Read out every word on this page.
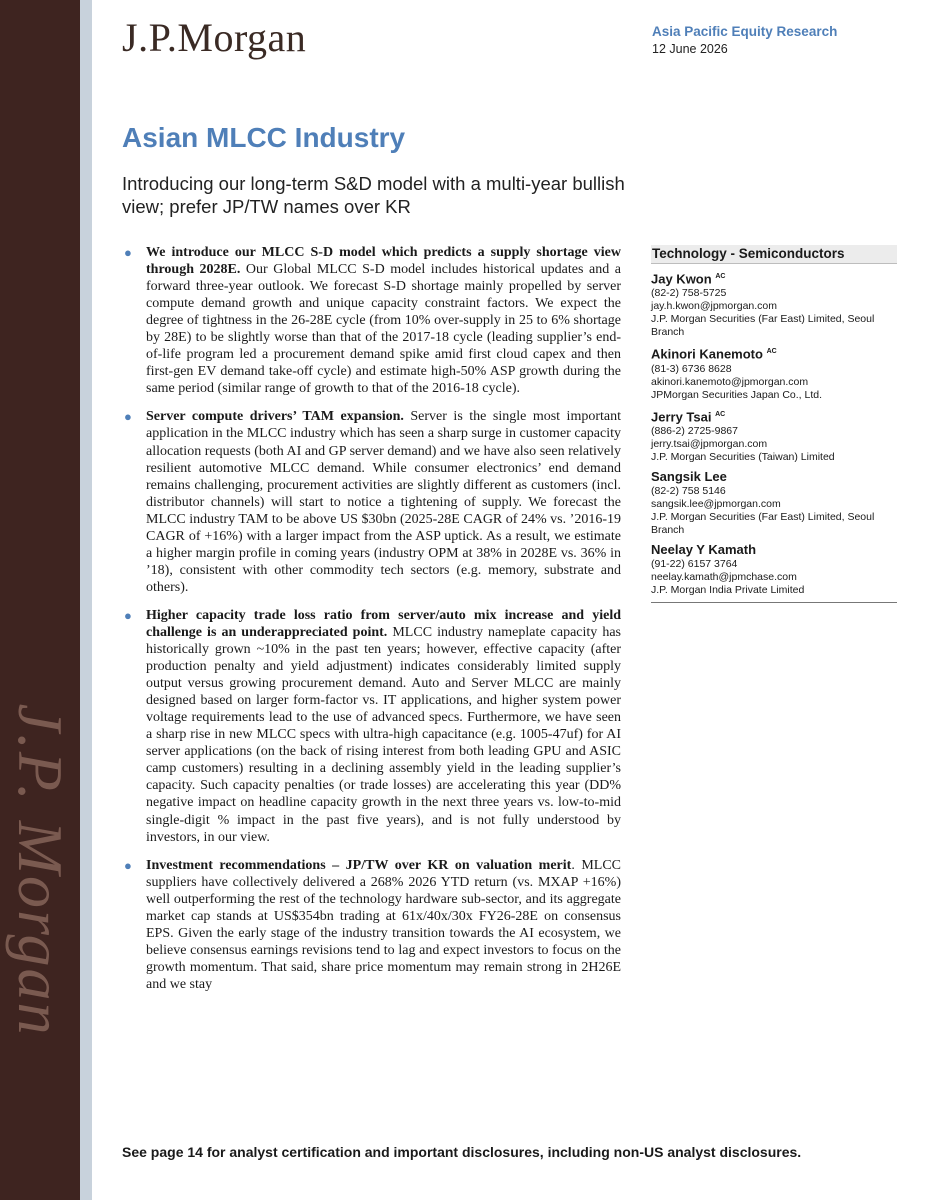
J.P. Morgan
J.P.Morgan	Asia Pacific Equity Research
12 June 2026
Asian MLCC Industry
Introducing our long-term S&D model with a multi-year bullish view; prefer JP/TW names over KR
● We introduce our MLCC S-D model which predicts a supply shortage view through 2028E. Our Global MLCC S-D model includes historical updates and a forward three-year outlook. We forecast S-D shortage mainly propelled by server compute demand growth and unique capacity constraint factors. We expect the degree of tightness in the 26-28E cycle (from 10% over-supply in 25 to 6% shortage by 28E) to be slightly worse than that of the 2017-18 cycle (leading supplier’s end-of-life program led a procurement demand spike amid first cloud capex and then first-gen EV demand take-off cycle) and estimate high-50% ASP growth during the same period (similar range of growth to that of the 2016-18 cycle).
● Server compute drivers’ TAM expansion. Server is the single most important application in the MLCC industry which has seen a sharp surge in customer capacity allocation requests (both AI and GP server demand) and we have also seen relatively resilient automotive MLCC demand. While consumer electronics’ end demand remains challenging, procurement activities are slightly different as customers (incl. distributor channels) will start to notice a tightening of supply. We forecast the MLCC industry TAM to be above US $30bn (2025-28E CAGR of 24% vs. ’2016-19 CAGR of +16%) with a larger impact from the ASP uptick. As a result, we estimate a higher margin profile in coming years (industry OPM at 38% in 2028E vs. 36% in ’18), consistent with other commodity tech sectors (e.g. memory, substrate and others).
● Higher capacity trade loss ratio from server/auto mix increase and yield challenge is an underappreciated point. MLCC industry nameplate capacity has historically grown ~10% in the past ten years; however, effective capacity (after production penalty and yield adjustment) indicates considerably limited supply output versus growing procurement demand. Auto and Server MLCC are mainly designed based on larger form-factor vs. IT applications, and higher system power voltage requirements lead to the use of advanced specs. Furthermore, we have seen a sharp rise in new MLCC specs with ultra-high capacitance (e.g. 1005-47uf) for AI server applications (on the back of rising interest from both leading GPU and ASIC camp customers) resulting in a declining assembly yield in the leading supplier’s capacity. Such capacity penalties (or trade losses) are accelerating this year (DD% negative impact on headline capacity growth in the next three years vs. low-to-mid single-digit % impact in the past five years), and is not fully understood by investors, in our view.
● Investment recommendations – JP/TW over KR on valuation merit. MLCC suppliers have collectively delivered a 268% 2026 YTD return (vs. MXAP +16%) well outperforming the rest of the technology hardware sub-sector, and its aggregate market cap stands at US$354bn trading at 61x/40x/30x FY26-28E on consensus EPS. Given the early stage of the industry transition towards the AI ecosystem, we believe consensus earnings revisions tend to lag and expect investors to focus on the growth momentum. That said, share price momentum may remain strong in 2H26E and we stay
Technology - Semiconductors
Jay Kwon $^{AC}$
(82-2) 758-5725
jay.h.kwon@jpmorgan.com
J.P. Morgan Securities (Far East) Limited, Seoul Branch
Akinori Kanemoto $^{AC}$
(81-3) 6736 8628
akinori.kanemoto@jpmorgan.com
JPMorgan Securities Japan Co., Ltd.
Jerry Tsai $^{AC}$
(886-2) 2725-9867
jerry.tsai@jpmorgan.com
J.P. Morgan Securities (Taiwan) Limited
Sangsik Lee
(82-2) 758 5146
sangsik.lee@jpmorgan.com
J.P. Morgan Securities (Far East) Limited, Seoul Branch
Neelay Y Kamath
(91-22) 6157 3764
neelay.kamath@jpmchase.com
J.P. Morgan India Private Limited
See page 14 for analyst certification and important disclosures, including non-US analyst disclosures.
